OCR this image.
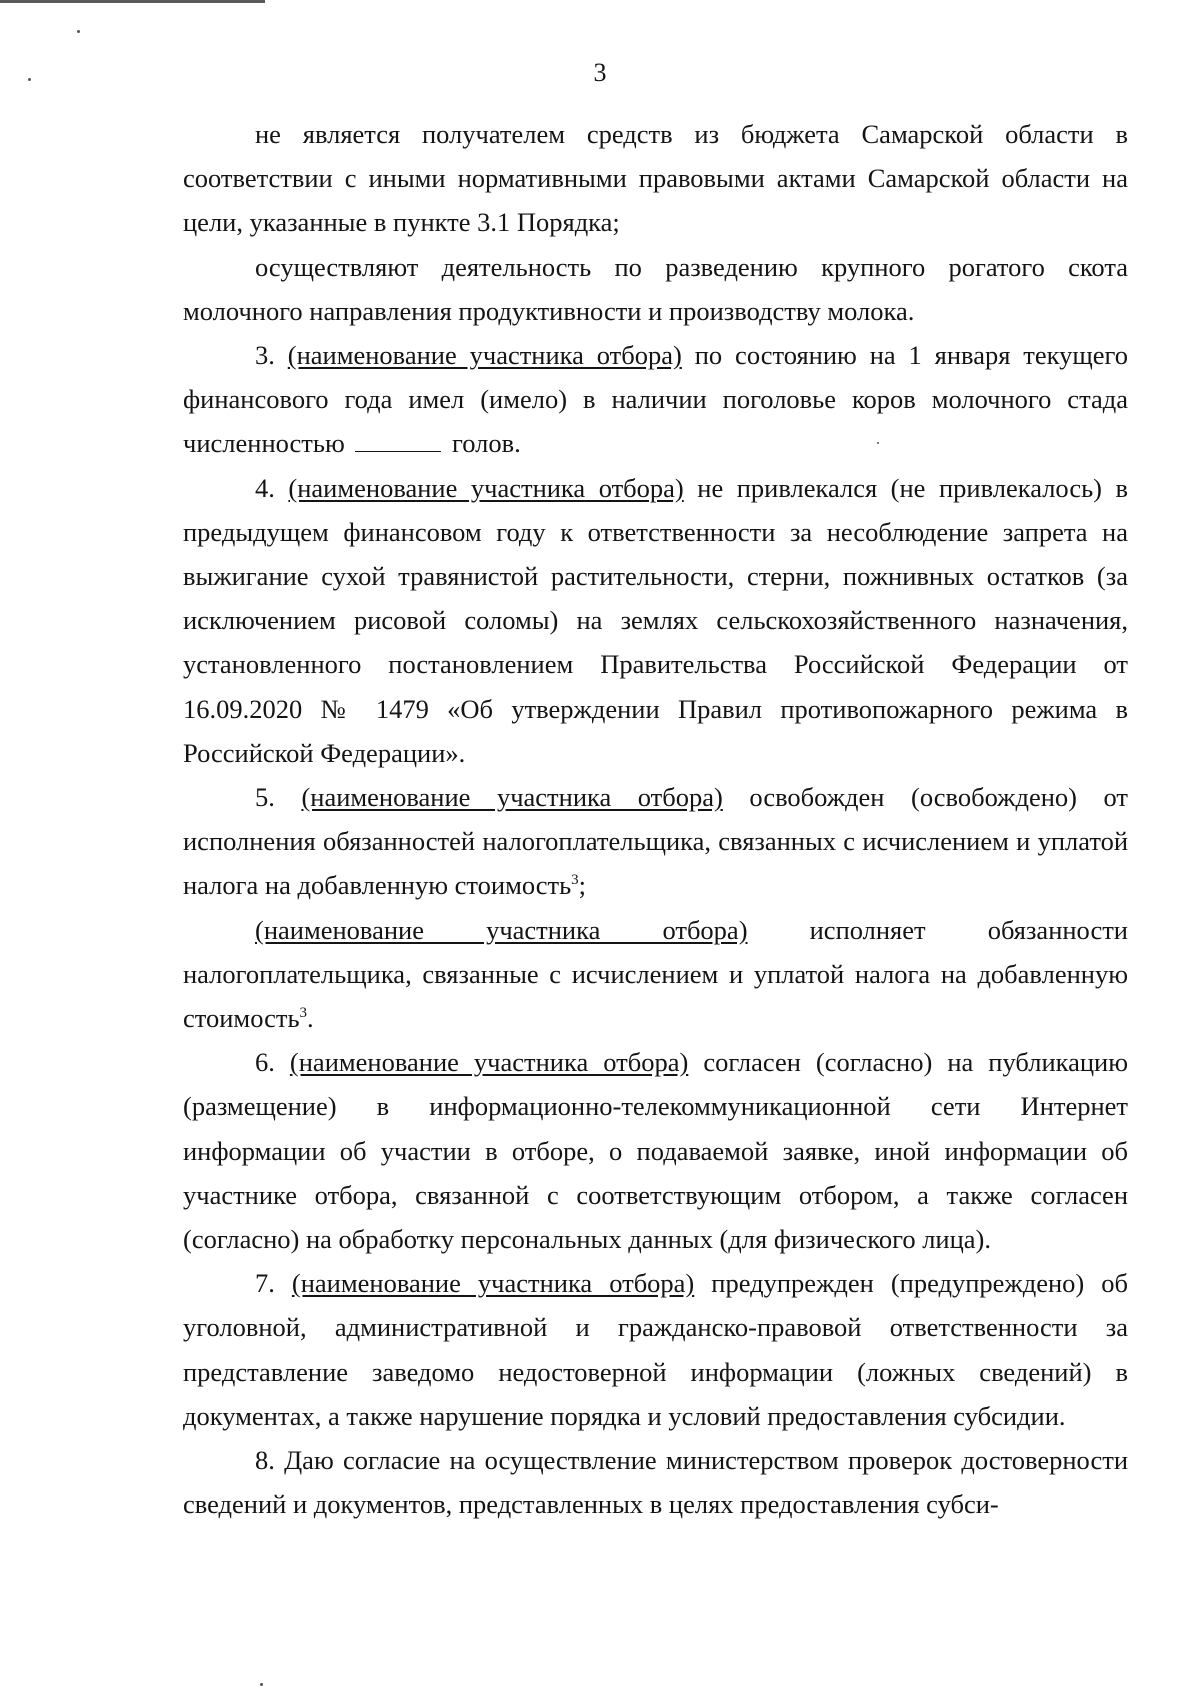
3

не является получателем средств из бюджета Самарской области в соответствии с иными нормативными правовыми актами Самарской области на цели, указанные в пункте 3.1 Порядка;

осуществляют деятельность по разведению крупного рогатого скота молочного направления продуктивности и производству молока.

3. (наименование участника отбора) по состоянию на 1 января текущего финансового года имел (имело) в наличии поголовье коров молочного стада численностью	голов.

4. (наименование участника отбора) не привлекался (не привлекалось) в предыдущем финансовом году к ответственности за несоблюдение запрета на выжигание сухой травянистой растительности, стерни, пожнивных остатков (за исключением рисовой соломы) на землях сельскохозяйственного назначения, установленного постановлением Правительства Российской Федерации от 16.09.2020 № 1479 «Об утверждении Правил противопожарного режима в Российской Федерации».

5. (наименование участника отбора) освобожден (освобождено) от исполнения обязанностей налогоплательщика, связанных с исчислением и уплатой налога на добавленную стоимость$^3$;

(наименование участника отбора) исполняет обязанности налогоплательщика, связанные с исчислением и уплатой налога на добавленную стоимость$^3$.

6. (наименование участника отбора) согласен (согласно) на публикацию (размещение) в информационно-телекоммуникационной сети Интернет информации об участии в отборе, о подаваемой заявке, иной информации об участнике отбора, связанной с соответствующим отбором, а также согласен (согласно) на обработку персональных данных (для физического лица).

7. (наименование участника отбора) предупрежден (предупреждено) об уголовной, административной и гражданско-правовой ответственности за представление заведомо недостоверной информации (ложных сведений) в документах, а также нарушение порядка и условий предоставления субсидии.

8. Даю согласие на осуществление министерством проверок достоверности сведений и документов, представленных в целях предоставления субси-
